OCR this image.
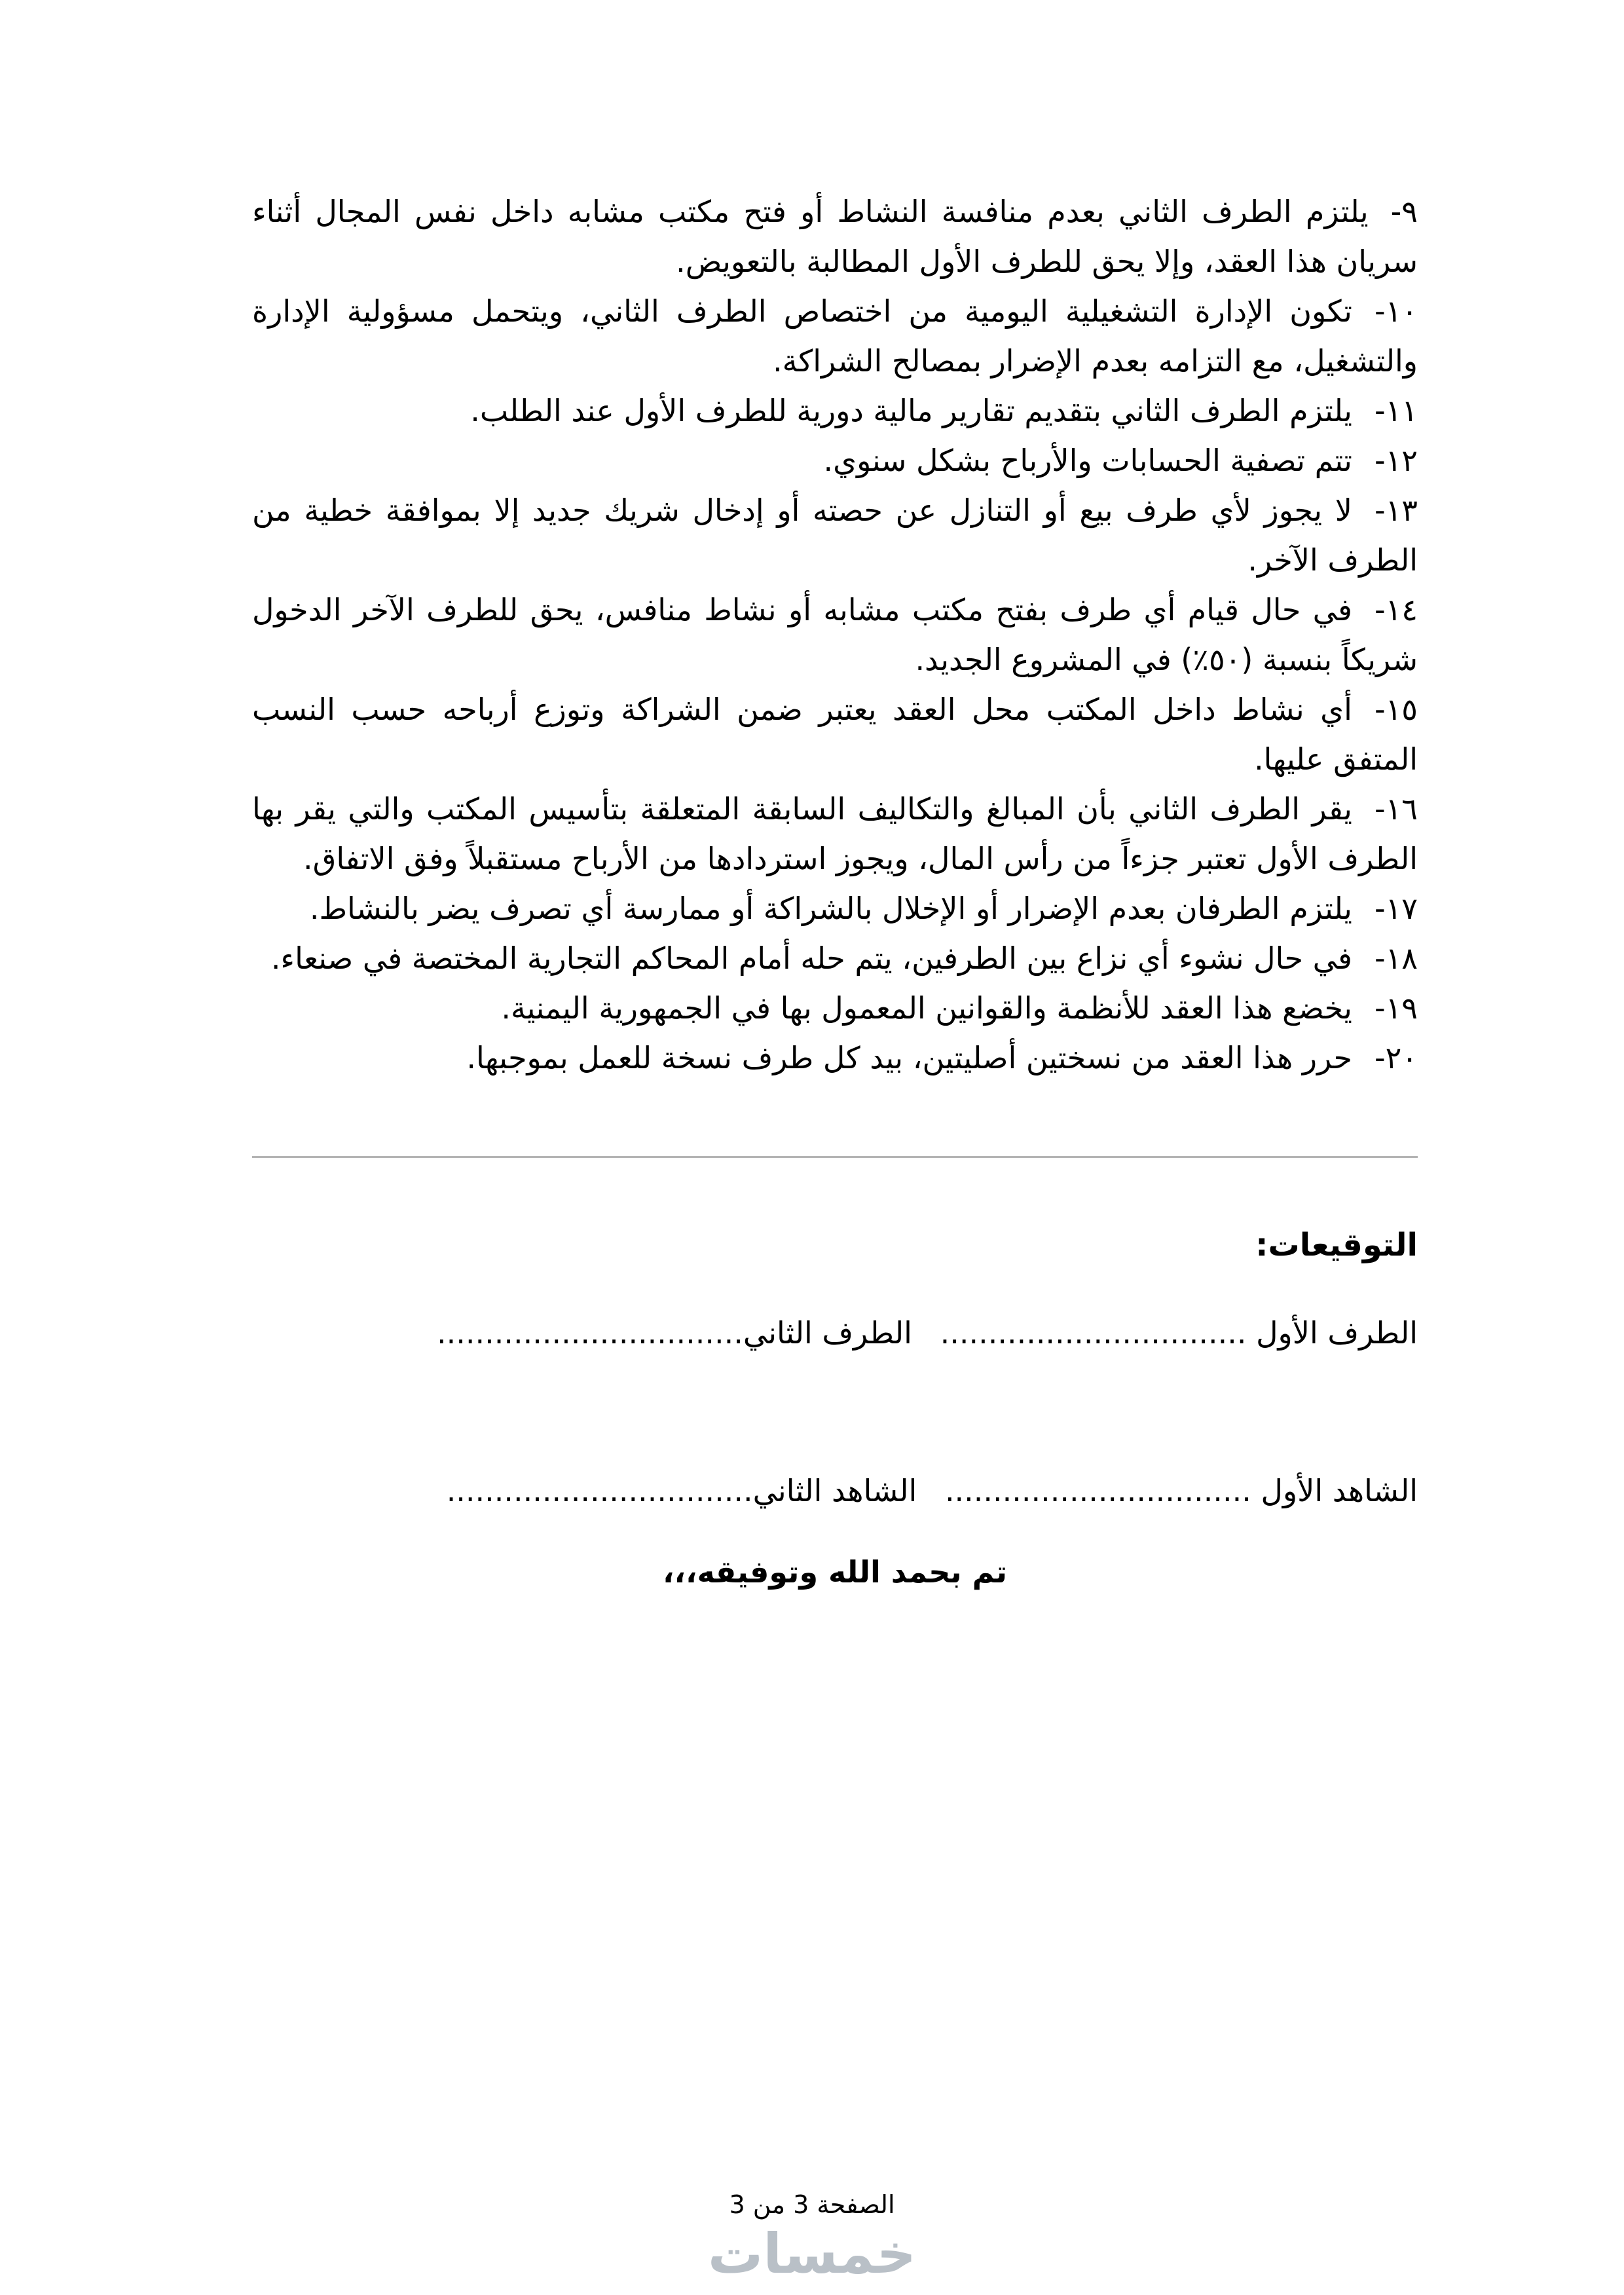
٩-يلتزم الطرف الثاني بعدم منافسة النشاط أو فتح مكتب مشابه داخل نفس المجال أثناء سريان هذا العقد، وإلا يحق للطرف الأول المطالبة بالتعويض.

١٠-تكون الإدارة التشغيلية اليومية من اختصاص الطرف الثاني، ويتحمل مسؤولية الإدارة والتشغيل، مع التزامه بعدم الإضرار بمصالح الشراكة.

١١-يلتزم الطرف الثاني بتقديم تقارير مالية دورية للطرف الأول عند الطلب.

١٢-تتم تصفية الحسابات والأرباح بشكل سنوي.

١٣-لا يجوز لأي طرف بيع أو التنازل عن حصته أو إدخال شريك جديد إلا بموافقة خطية من الطرف الآخر.

١٤-في حال قيام أي طرف بفتح مكتب مشابه أو نشاط منافس، يحق للطرف الآخر الدخول شريكاً بنسبة (٥٠٪) في المشروع الجديد.

١٥-أي نشاط داخل المكتب محل العقد يعتبر ضمن الشراكة وتوزع أرباحه حسب النسب المتفق عليها.

١٦-يقر الطرف الثاني بأن المبالغ والتكاليف السابقة المتعلقة بتأسيس المكتب والتي يقر بها الطرف الأول تعتبر جزءاً من رأس المال، ويجوز استردادها من الأرباح مستقبلاً وفق الاتفاق.

١٧-يلتزم الطرفان بعدم الإضرار أو الإخلال بالشراكة أو ممارسة أي تصرف يضر بالنشاط.

١٨-في حال نشوء أي نزاع بين الطرفين، يتم حله أمام المحاكم التجارية المختصة في صنعاء.

١٩-يخضع هذا العقد للأنظمة والقوانين المعمول بها في الجمهورية اليمنية.

٢٠-حرر هذا العقد من نسختين أصليتين، بيد كل طرف نسخة للعمل بموجبها.

التوقيعات:

الطرف الأول ................................ الطرف الثاني................................

الشاهد الأول ................................ الشاهد الثاني................................

تم بحمد الله وتوفيقه،،،

الصفحة 3 من 3
خمسات
